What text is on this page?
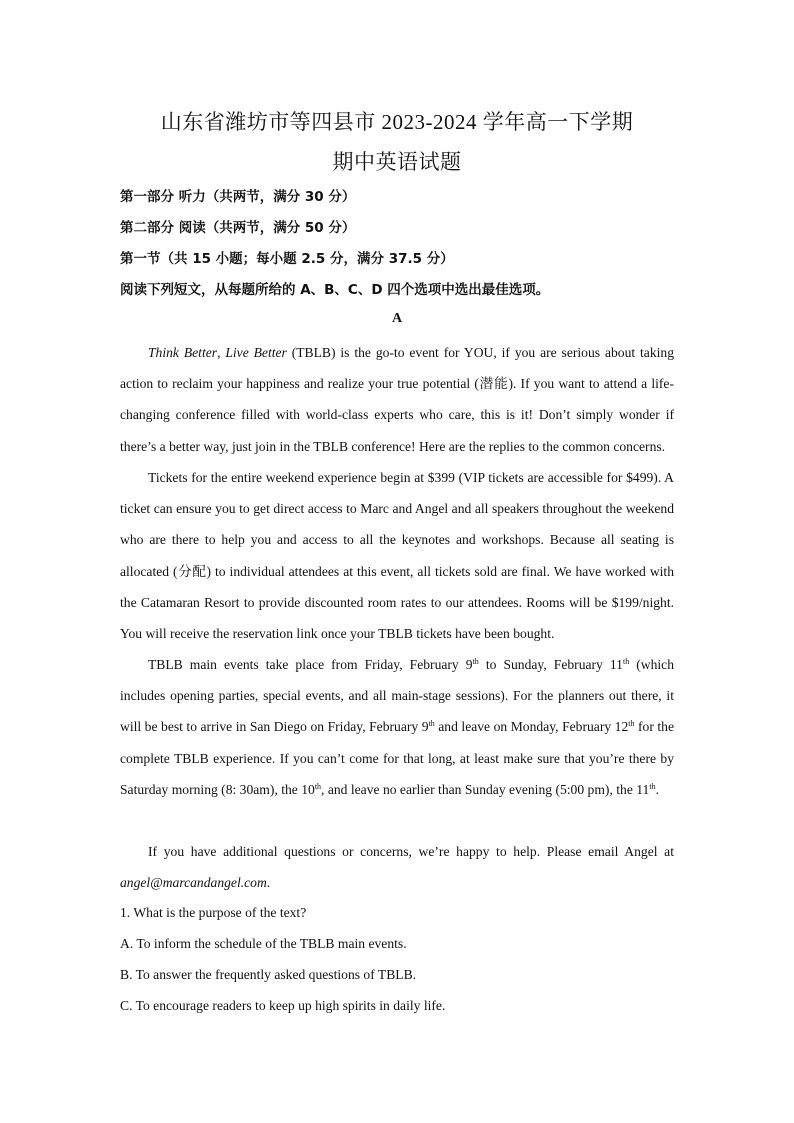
山东省潍坊市等四县市 2023-2024 学年高一下学期
期中英语试题
第一部分 听力（共两节，满分 30 分）
第二部分 阅读（共两节，满分 50 分）
第一节（共 15 小题；每小题 2.5 分，满分 37.5 分）
阅读下列短文，从每题所给的 A、B、C、D 四个选项中选出最佳选项。
A
Think Better, Live Better (TBLB) is the go-to event for YOU, if you are serious about taking action to reclaim your happiness and realize your true potential (潜能). If you want to attend a life-changing conference filled with world-class experts who care, this is it! Don’t simply wonder if there’s a better way, just join in the TBLB conference! Here are the replies to the common concerns.
Tickets for the entire weekend experience begin at $399 (VIP tickets are accessible for $499). A ticket can ensure you to get direct access to Marc and Angel and all speakers throughout the weekend who are there to help you and access to all the keynotes and workshops. Because all seating is allocated (分配) to individual attendees at this event, all tickets sold are final. We have worked with the Catamaran Resort to provide discounted room rates to our attendees. Rooms will be $199/night. You will receive the reservation link once your TBLB tickets have been bought.
TBLB main events take place from Friday, February 9th to Sunday, February 11th (which includes opening parties, special events, and all main-stage sessions). For the planners out there, it will be best to arrive in San Diego on Friday, February 9th and leave on Monday, February 12th for the complete TBLB experience. If you can’t come for that long, at least make sure that you’re there by Saturday morning (8: 30am), the 10th, and leave no earlier than Sunday evening (5:00 pm), the 11th.
If you have additional questions or concerns, we’re happy to help. Please email Angel at angel@marcandangel.com.
1. What is the purpose of the text?
A. To inform the schedule of the TBLB main events.
B. To answer the frequently asked questions of TBLB.
C. To encourage readers to keep up high spirits in daily life.
